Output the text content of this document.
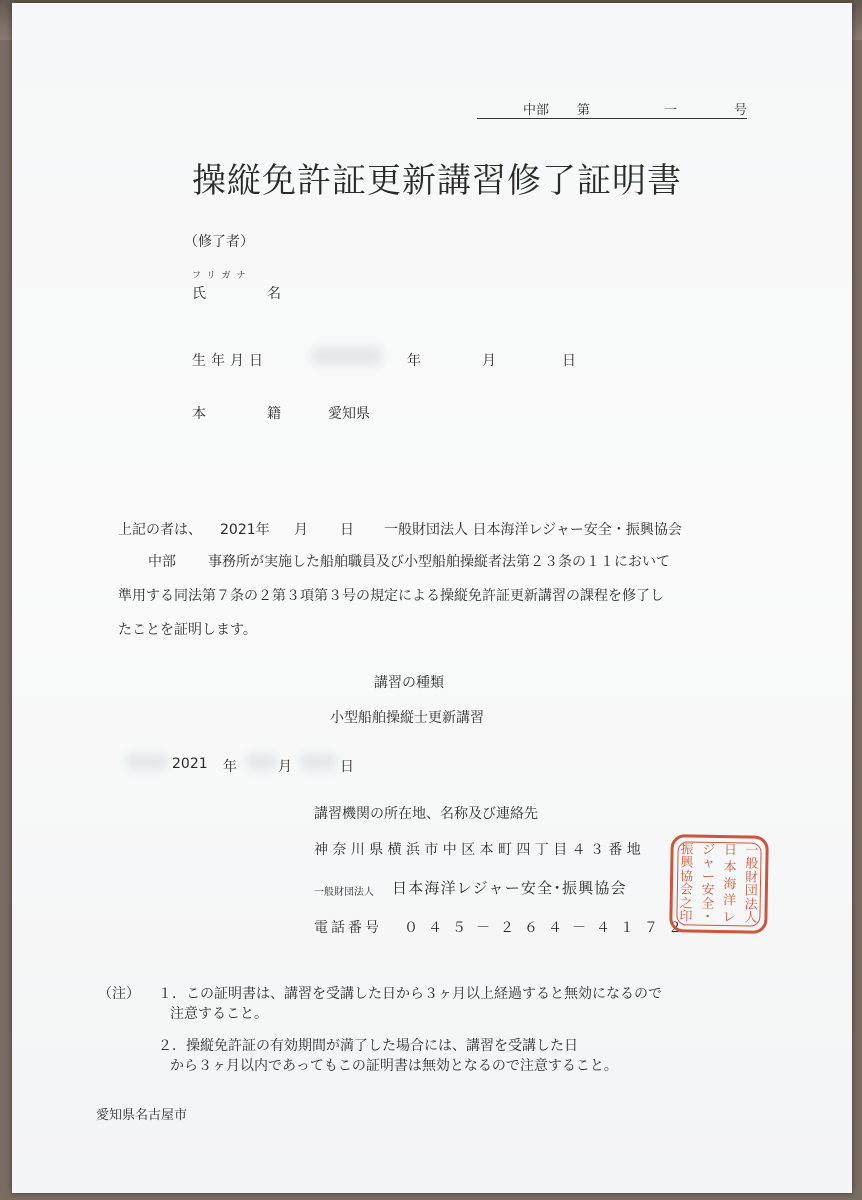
中部 第	一	号
操縦免許証更新講習修了証明書
（修了者）
フリガナ
氏	名
生年月日	年	月	日
本	籍	愛知県
上記の者は、 2021年 月 日 一般財団法人 日本海洋レジャー安全・振興協会
中部 事務所が実施した船舶職員及び小型船舶操縦者法第２３条の１１において
準用する同法第７条の２第３項第３号の規定による操縦免許証更新講習の課程を修了し
たことを証明します。
講習の種類
小型船舶操縦士更新講習
2021 年	月	日
講習機関の所在地、名称及び連絡先
神奈川県横浜市中区本町四丁目４３番地
一般財団法人 日本海洋レジャー安全･振興協会
電話番号 ０４５－２６４－４１７２
一
般
財
団
法
人
日
本
海
洋
レ
ジ
ャ
ー
安
全
・
振
興
協
会
之
印
（注） １．この証明書は、講習を受講した日から３ヶ月以上経過すると無効になるので
注意すること。
２．操縦免許証の有効期間が満了した場合には、講習を受講した日
から３ヶ月以内であってもこの証明書は無効となるので注意すること。
愛知県名古屋市
